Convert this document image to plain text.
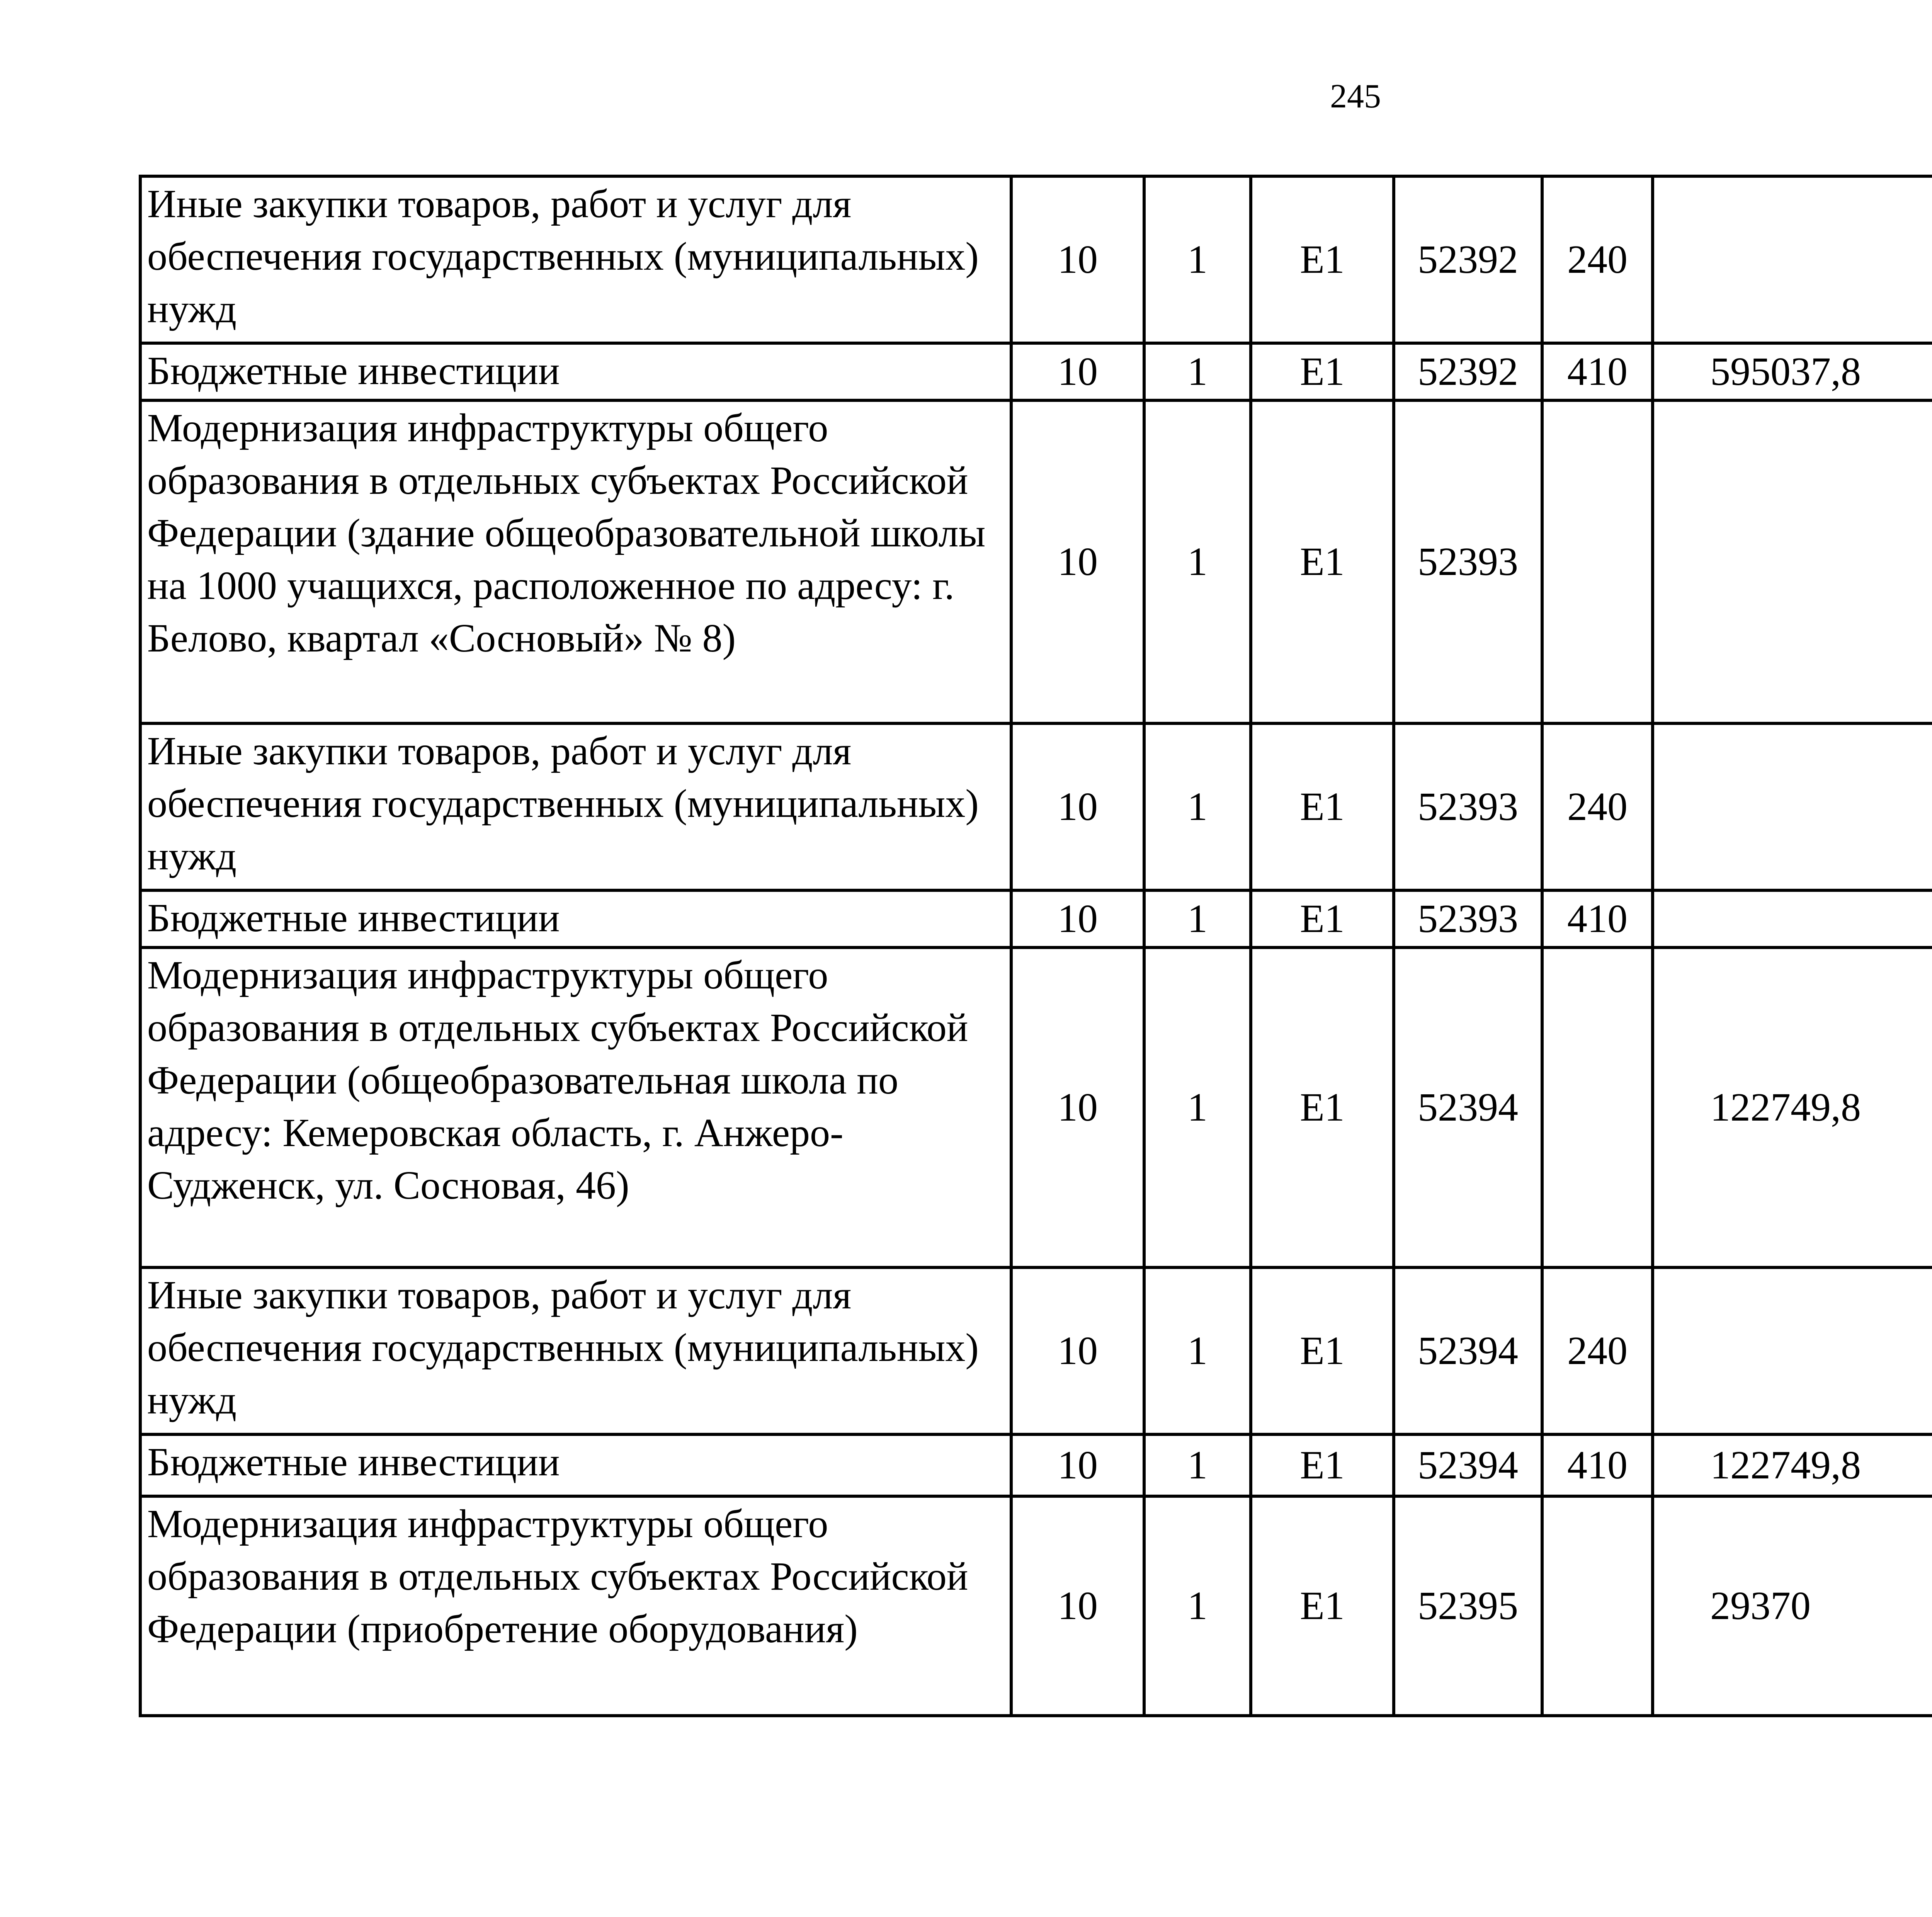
245
Иные закупки товаров, работ и услуг для обеспечения государственных (муниципальных) нужд	10	1	Е1	52392	240			
Бюджетные инвестиции	10	1	Е1	52392	410	595037,8		
Модернизация инфраструктуры общего образования в отдельных субъектах Российской Федерации (здание общеобразовательной школы на 1000 учащихся, расположенное по адресу: г. Белово, квартал «Сосновый» № 8)	10	1	Е1	52393				
Иные закупки товаров, работ и услуг для обеспечения государственных (муниципальных) нужд	10	1	Е1	52393	240			
Бюджетные инвестиции	10	1	Е1	52393	410			
Модернизация инфраструктуры общего образования в отдельных субъектах Российской Федерации (общеобразовательная школа по адресу: Кемеровская область, г. Анжеро-Судженск, ул. Сосновая, 46)	10	1	Е1	52394		122749,8		
Иные закупки товаров, работ и услуг для обеспечения государственных (муниципальных) нужд	10	1	Е1	52394	240			
Бюджетные инвестиции	10	1	Е1	52394	410	122749,8		
Модернизация инфраструктуры общего образования в отдельных субъектах Российской Федерации (приобретение оборудования)	10	1	Е1	52395		29370		
